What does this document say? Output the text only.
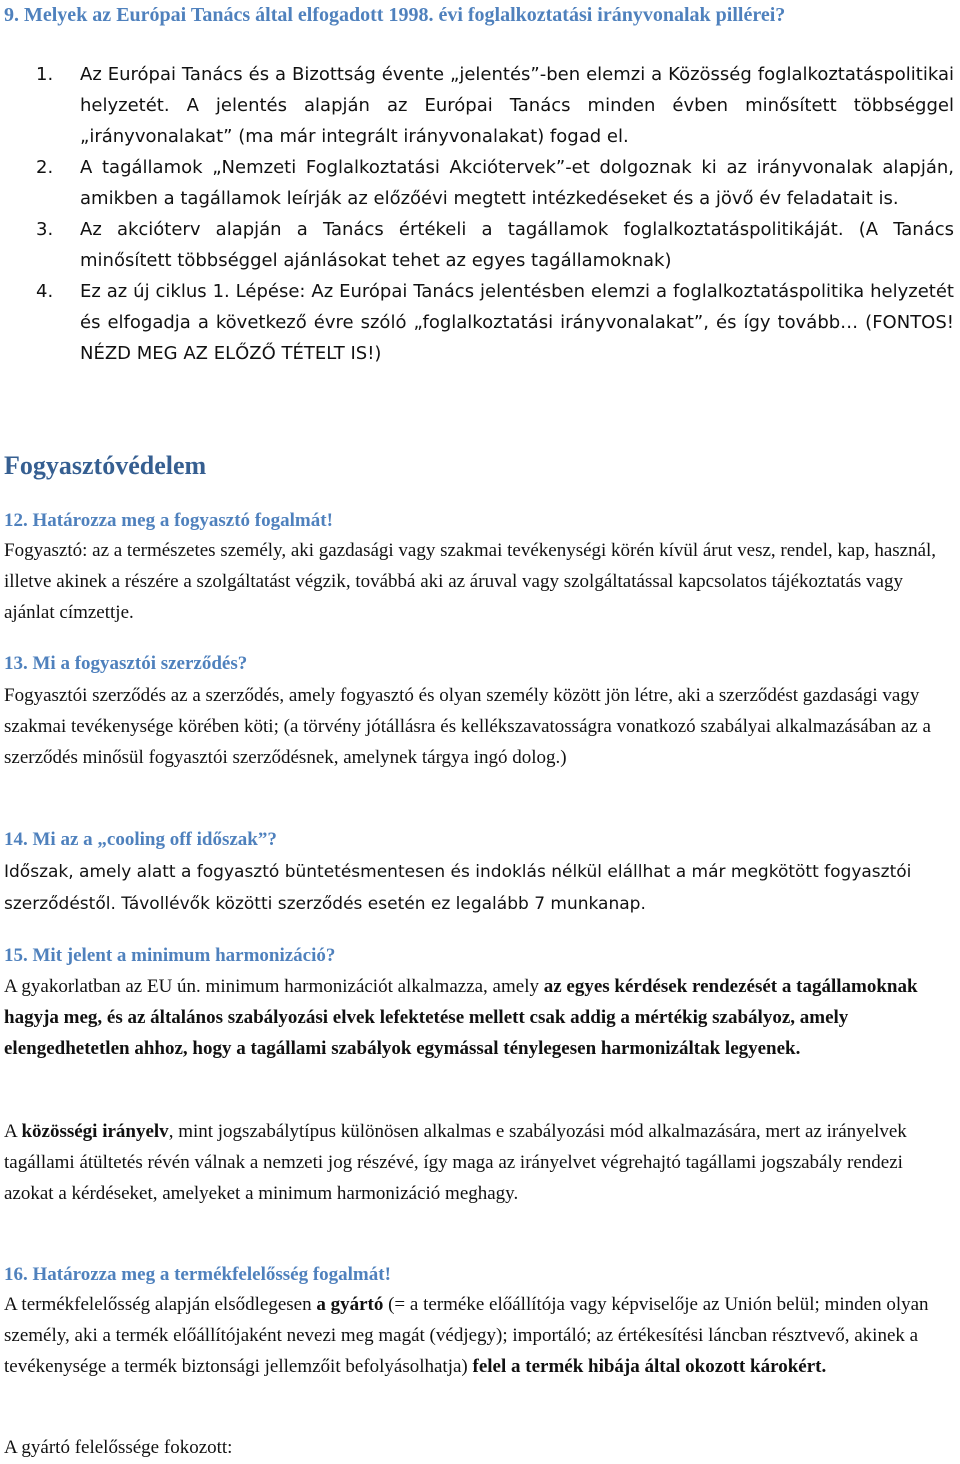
9. Melyek az Európai Tanács által elfogadott 1998. évi foglalkoztatási irányvonalak pillérei?
1. Az Európai Tanács és a Bizottság évente „jelentés”-ben elemzi a Közösség foglalkoztatáspolitikai helyzetét. A jelentés alapján az Európai Tanács minden évben minősített többséggel „irányvonalakat” (ma már integrált irányvonalakat) fogad el.
2. A tagállamok „Nemzeti Foglalkoztatási Akciótervek”-et dolgoznak ki az irányvonalak alapján, amikben a tagállamok leírják az előzőévi megtett intézkedéseket és a jövő év feladatait is.
3. Az akcióterv alapján a Tanács értékeli a tagállamok foglalkoztatáspolitikáját. (A Tanács minősített többséggel ajánlásokat tehet az egyes tagállamoknak)
4. Ez az új ciklus 1. Lépése: Az Európai Tanács jelentésben elemzi a foglalkoztatáspolitika helyzetét és elfogadja a következő évre szóló „foglalkoztatási irányvonalakat”, és így tovább… (FONTOS! NÉZD MEG AZ ELŐZŐ TÉTELT IS!)
Fogyasztóvédelem
12. Határozza meg a fogyasztó fogalmát!
Fogyasztó: az a természetes személy, aki gazdasági vagy szakmai tevékenységi körén kívül árut vesz, rendel, kap, használ, illetve akinek a részére a szolgáltatást végzik, továbbá aki az áruval vagy szolgáltatással kapcsolatos tájékoztatás vagy ajánlat címzettje.
13. Mi a fogyasztói szerződés?
Fogyasztói szerződés az a szerződés, amely fogyasztó és olyan személy között jön létre, aki a szerződést gazdasági vagy szakmai tevékenysége körében köti; (a törvény jótállásra és kellékszavatosságra vonatkozó szabályai alkalmazásában az a szerződés minősül fogyasztói szerződésnek, amelynek tárgya ingó dolog.)
14. Mi az a „cooling off időszak”?
Időszak, amely alatt a fogyasztó büntetésmentesen és indoklás nélkül elállhat a már megkötött fogyasztói szerződéstől. Távollévők közötti szerződés esetén ez legalább 7 munkanap.
15. Mit jelent a minimum harmonizáció?
A gyakorlatban az EU ún. minimum harmonizációt alkalmazza, amely az egyes kérdések rendezését a tagállamoknak hagyja meg, és az általános szabályozási elvek lefektetése mellett csak addig a mértékig szabályoz, amely elengedhetetlen ahhoz, hogy a tagállami szabályok egymással ténylegesen harmonizáltak legyenek.
A közösségi irányelv, mint jogszabálytípus különösen alkalmas e szabályozási mód alkalmazására, mert az irányelvek tagállami átültetés révén válnak a nemzeti jog részévé, így maga az irányelvet végrehajtó tagállami jogszabály rendezi azokat a kérdéseket, amelyeket a minimum harmonizáció meghagy.
16. Határozza meg a termékfelelősség fogalmát!
A termékfelelősség alapján elsődlegesen a gyártó (= a terméke előállítója vagy képviselője az Unión belül; minden olyan személy, aki a termék előállítójaként nevezi meg magát (védjegy); importáló; az értékesítési láncban résztvevő, akinek a tevékenysége a termék biztonsági jellemzőit befolyásolhatja) felel a termék hibája által okozott károkért.
A gyártó felelőssége fokozott:
